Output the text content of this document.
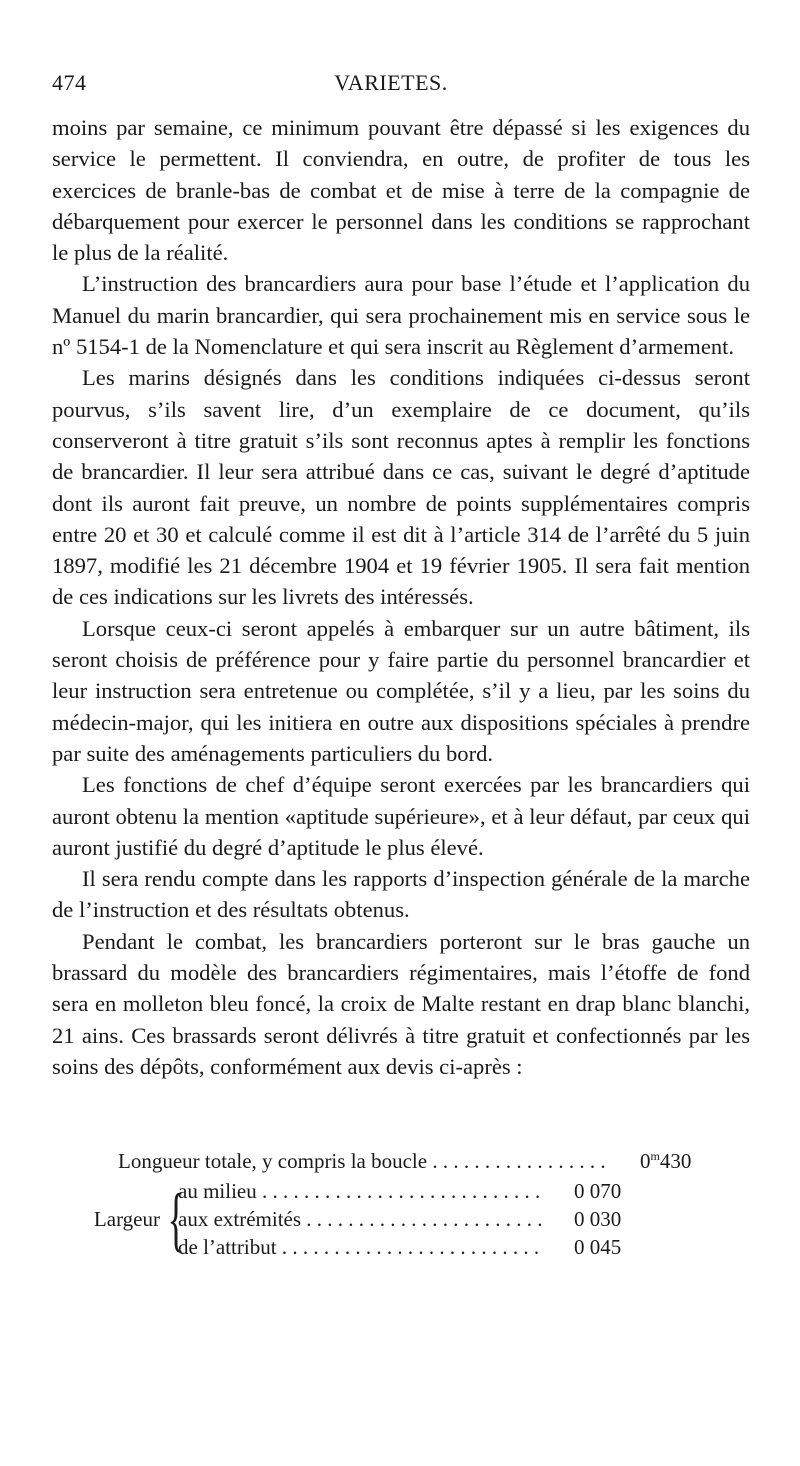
474	VARIETES.

moins par semaine, ce minimum pouvant être dépassé si les exigences du service le permettent. Il conviendra, en outre, de profiter de tous les exercices de branle-bas de combat et de mise à terre de la compagnie de débarquement pour exercer le personnel dans les conditions se rapprochant le plus de la réalité.

L’instruction des brancardiers aura pour base l’étude et l’application du Manuel du marin brancardier, qui sera prochainement mis en service sous le nº 5154-1 de la Nomenclature et qui sera inscrit au Règlement d’armement.

Les marins désignés dans les conditions indiquées ci-dessus seront pourvus, s’ils savent lire, d’un exemplaire de ce document, qu’ils conserveront à titre gratuit s’ils sont reconnus aptes à remplir les fonctions de brancardier. Il leur sera attribué dans ce cas, suivant le degré d’aptitude dont ils auront fait preuve, un nombre de points supplémentaires compris entre 20 et 30 et calculé comme il est dit à l’article 314 de l’arrêté du 5 juin 1897, modifié les 21 décembre 1904 et 19 février 1905. Il sera fait mention de ces indications sur les livrets des intéressés.

Lorsque ceux-ci seront appelés à embarquer sur un autre bâtiment, ils seront choisis de préférence pour y faire partie du personnel brancardier et leur instruction sera entretenue ou complétée, s’il y a lieu, par les soins du médecin-major, qui les initiera en outre aux dispositions spéciales à prendre par suite des aménagements particuliers du bord.

Les fonctions de chef d’équipe seront exercées par les brancardiers qui auront obtenu la mention «aptitude supérieure», et à leur défaut, par ceux qui auront justifié du degré d’aptitude le plus élevé.

Il sera rendu compte dans les rapports d’inspection générale de la marche de l’instruction et des résultats obtenus.

Pendant le combat, les brancardiers porteront sur le bras gauche un brassard du modèle des brancardiers régimentaires, mais l’étoffe de fond sera en molleton bleu foncé, la croix de Malte restant en drap blanc blanchi, 21 ains. Ces brassards seront délivrés à titre gratuit et confectionnés par les soins des dépôts, conformément aux devis ci-après :

Longueur totale, y compris la boucle . . .	0$^m$430
Largeur {
au milieu . . .	0 070
aux extrémités . . .	0 030
de l’attribut . . .	0 045
